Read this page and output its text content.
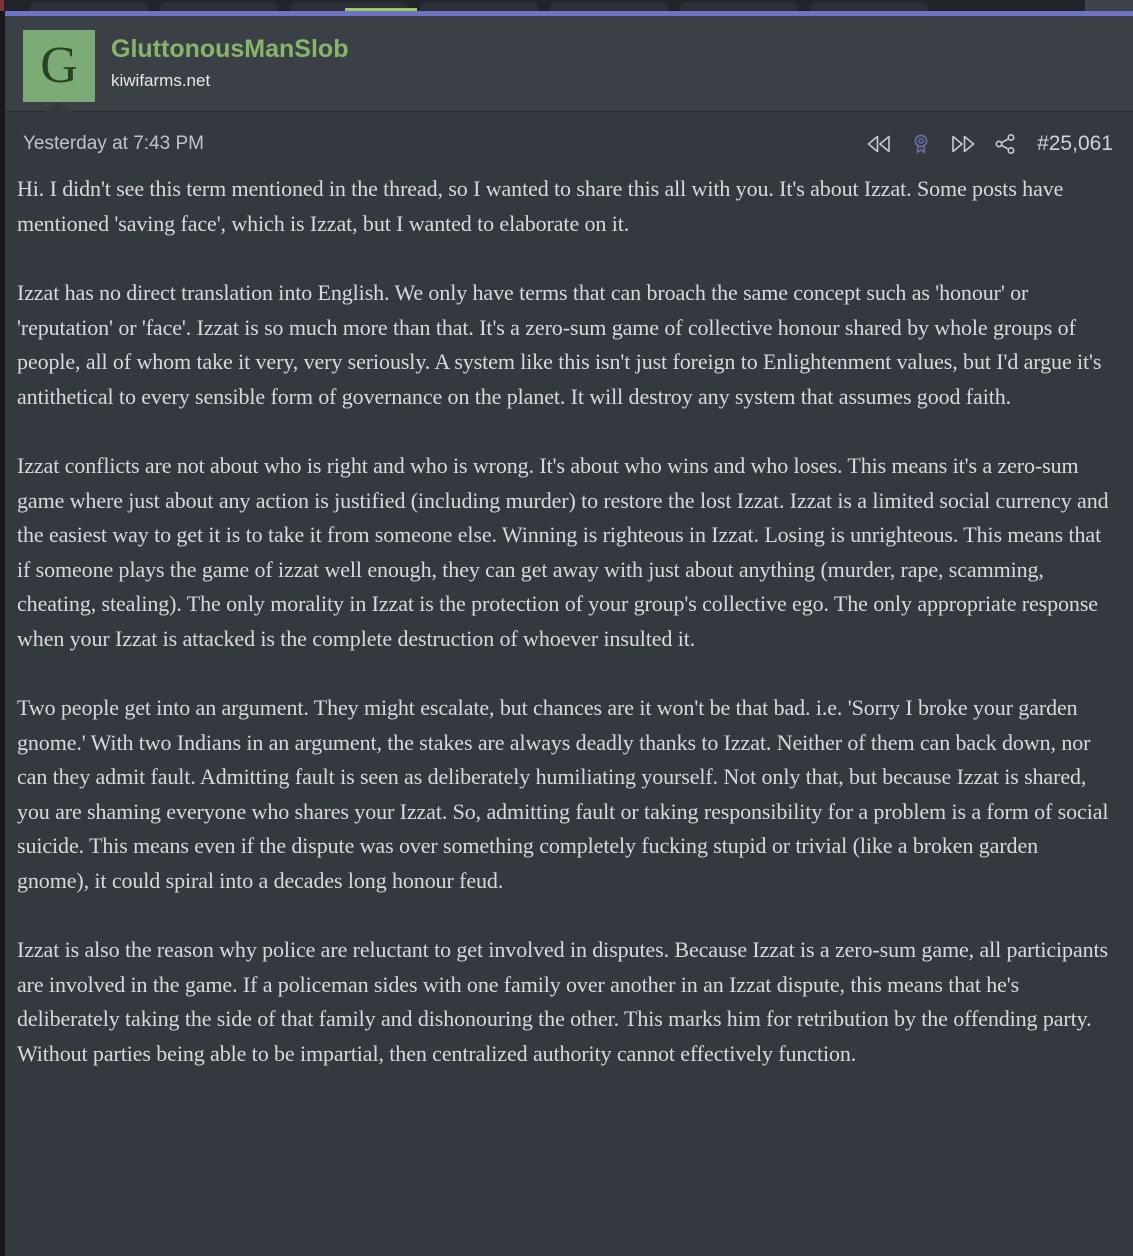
G GluttonousManSlob
kiwifarms.net
Yesterday at 7:43 PM	#25,061

Hi. I didn't see this term mentioned in the thread, so I wanted to share this all with you. It's about Izzat. Some posts have mentioned 'saving face', which is Izzat, but I wanted to elaborate on it.

Izzat has no direct translation into English. We only have terms that can broach the same concept such as 'honour' or 'reputation' or 'face'. Izzat is so much more than that. It's a zero-sum game of collective honour shared by whole groups of people, all of whom take it very, very seriously. A system like this isn't just foreign to Enlightenment values, but I'd argue it's antithetical to every sensible form of governance on the planet. It will destroy any system that assumes good faith.

Izzat conflicts are not about who is right and who is wrong. It's about who wins and who loses. This means it's a zero-sum game where just about any action is justified (including murder) to restore the lost Izzat. Izzat is a limited social currency and the easiest way to get it is to take it from someone else. Winning is righteous in Izzat. Losing is unrighteous. This means that if someone plays the game of izzat well enough, they can get away with just about anything (murder, rape, scamming, cheating, stealing). The only morality in Izzat is the protection of your group's collective ego. The only appropriate response when your Izzat is attacked is the complete destruction of whoever insulted it.

Two people get into an argument. They might escalate, but chances are it won't be that bad. i.e. 'Sorry I broke your garden gnome.' With two Indians in an argument, the stakes are always deadly thanks to Izzat. Neither of them can back down, nor can they admit fault. Admitting fault is seen as deliberately humiliating yourself. Not only that, but because Izzat is shared, you are shaming everyone who shares your Izzat. So, admitting fault or taking responsibility for a problem is a form of social suicide. This means even if the dispute was over something completely fucking stupid or trivial (like a broken garden gnome), it could spiral into a decades long honour feud.

Izzat is also the reason why police are reluctant to get involved in disputes. Because Izzat is a zero-sum game, all participants are involved in the game. If a policeman sides with one family over another in an Izzat dispute, this means that he's deliberately taking the side of that family and dishonouring the other. This marks him for retribution by the offending party. Without parties being able to be impartial, then centralized authority cannot effectively function.
